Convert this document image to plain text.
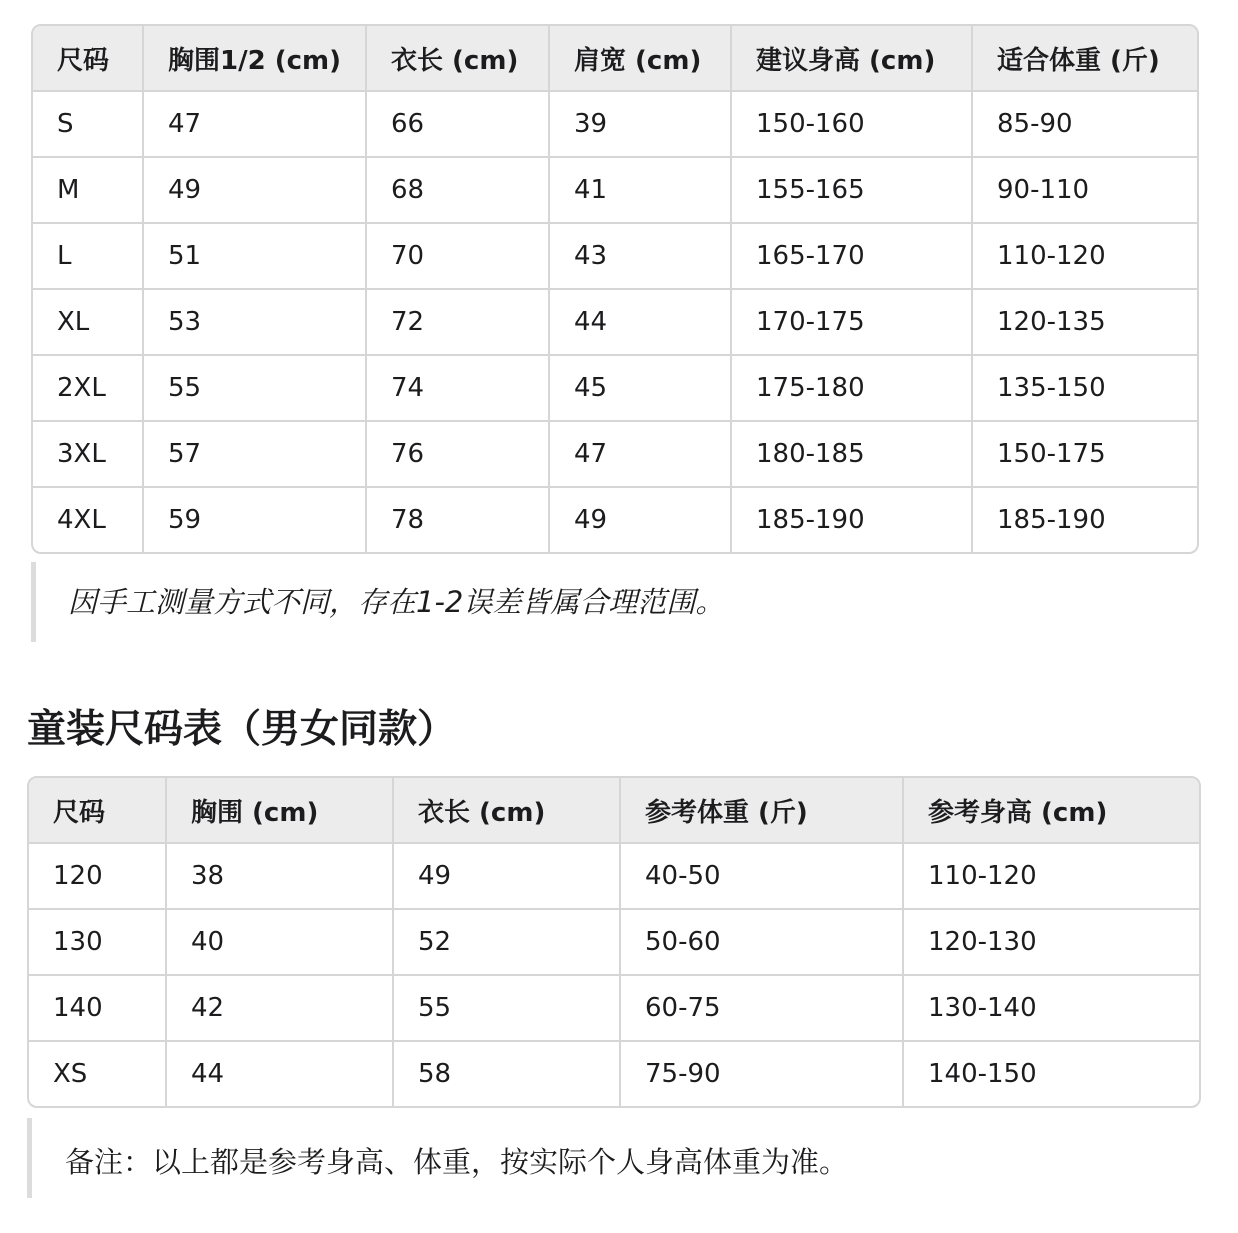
尺码	胸围1/2 (cm)	衣长 (cm)	肩宽 (cm)	建议身高 (cm)	适合体重 (斤)
S	47	66	39	150-160	85-90
M	49	68	41	155-165	90-110
L	51	70	43	165-170	110-120
XL	53	72	44	170-175	120-135
2XL	55	74	45	175-180	135-150
3XL	57	76	47	180-185	150-175
4XL	59	78	49	185-190	185-190
因手工测量方式不同，存在1-2误差皆属合理范围。
童装尺码表（男女同款）
尺码	胸围 (cm)	衣长 (cm)	参考体重 (斤)	参考身高 (cm)
120	38	49	40-50	110-120
130	40	52	50-60	120-130
140	42	55	60-75	130-140
XS	44	58	75-90	140-150
备注：以上都是参考身高、体重，按实际个人身高体重为准。
